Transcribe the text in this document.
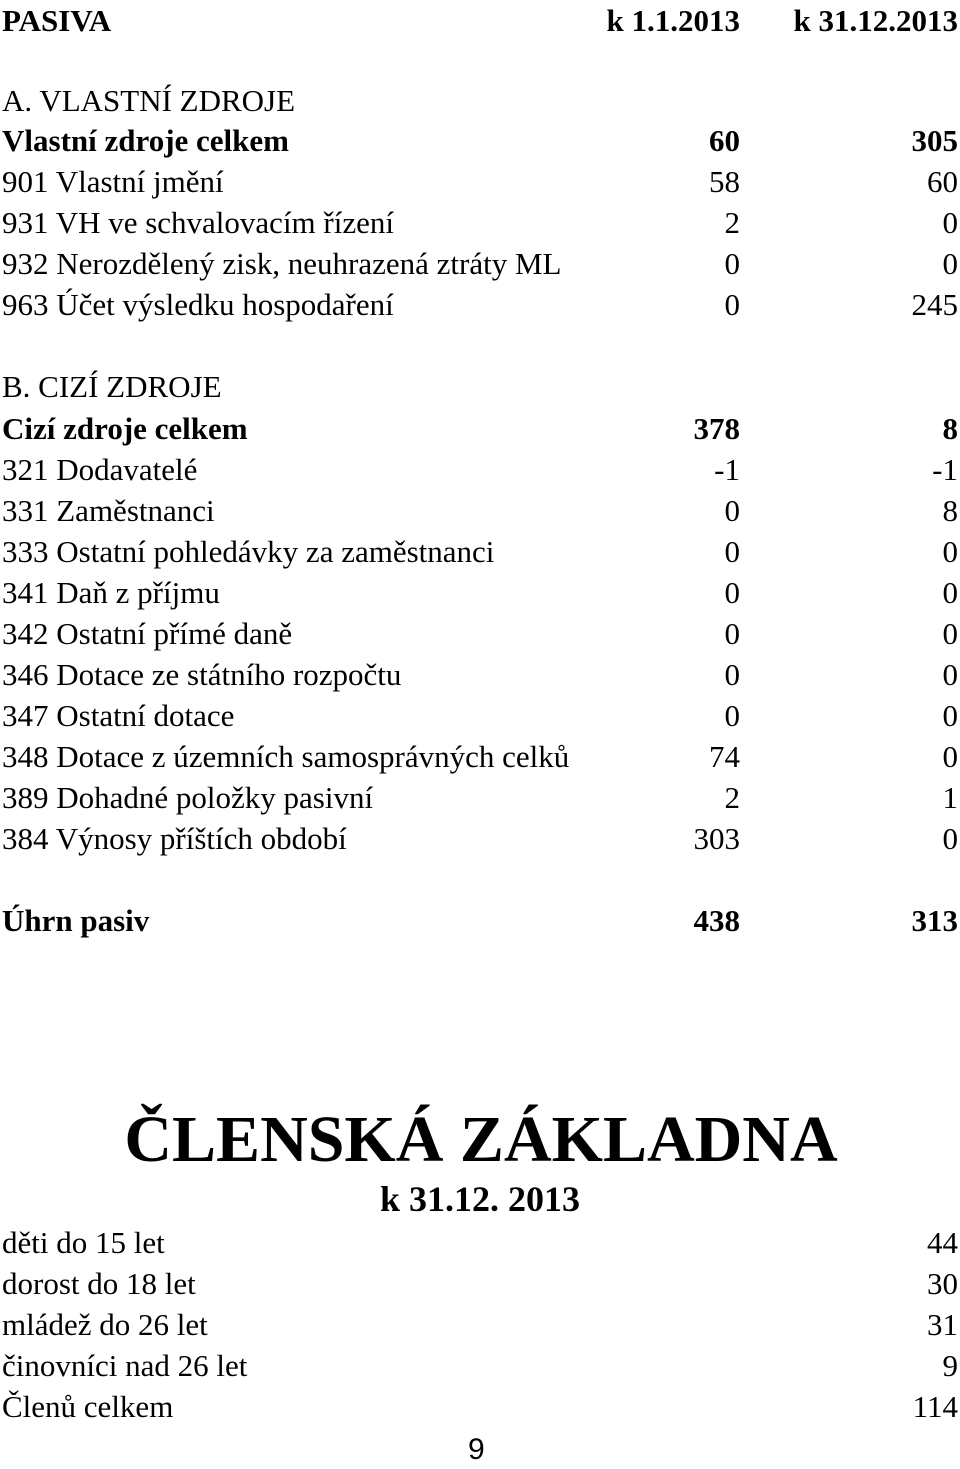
PASIVA	k 1.1.2013 k 31.12.2013
A. VLASTNÍ ZDROJE
Vlastní zdroje celkem	60	305
901 Vlastní jmění	58	60
931 VH ve schvalovacím řízení	2	0
932 Nerozdělený zisk, neuhrazená ztráty ML	0	0
963 Účet výsledku hospodaření	0	245
B. CIZÍ ZDROJE
Cizí zdroje celkem	378	8
321 Dodavatelé	-1	-1
331 Zaměstnanci	0	8
333 Ostatní pohledávky za zaměstnanci	0	0
341 Daň z příjmu	0	0
342 Ostatní přímé daně	0	0
346 Dotace ze státního rozpočtu	0	0
347 Ostatní dotace	0	0
348 Dotace z územních samosprávných celků	74	0
389 Dohadné položky pasivní	2	1
384 Výnosy příštích období	303	0
Úhrn pasiv	438	313
ČLENSKÁ ZÁKLADNA
k 31.12. 2013
děti do 15 let	44
dorost do 18 let	30
mládež do 26 let	31
činovníci nad 26 let	9
Členů celkem	114
9
